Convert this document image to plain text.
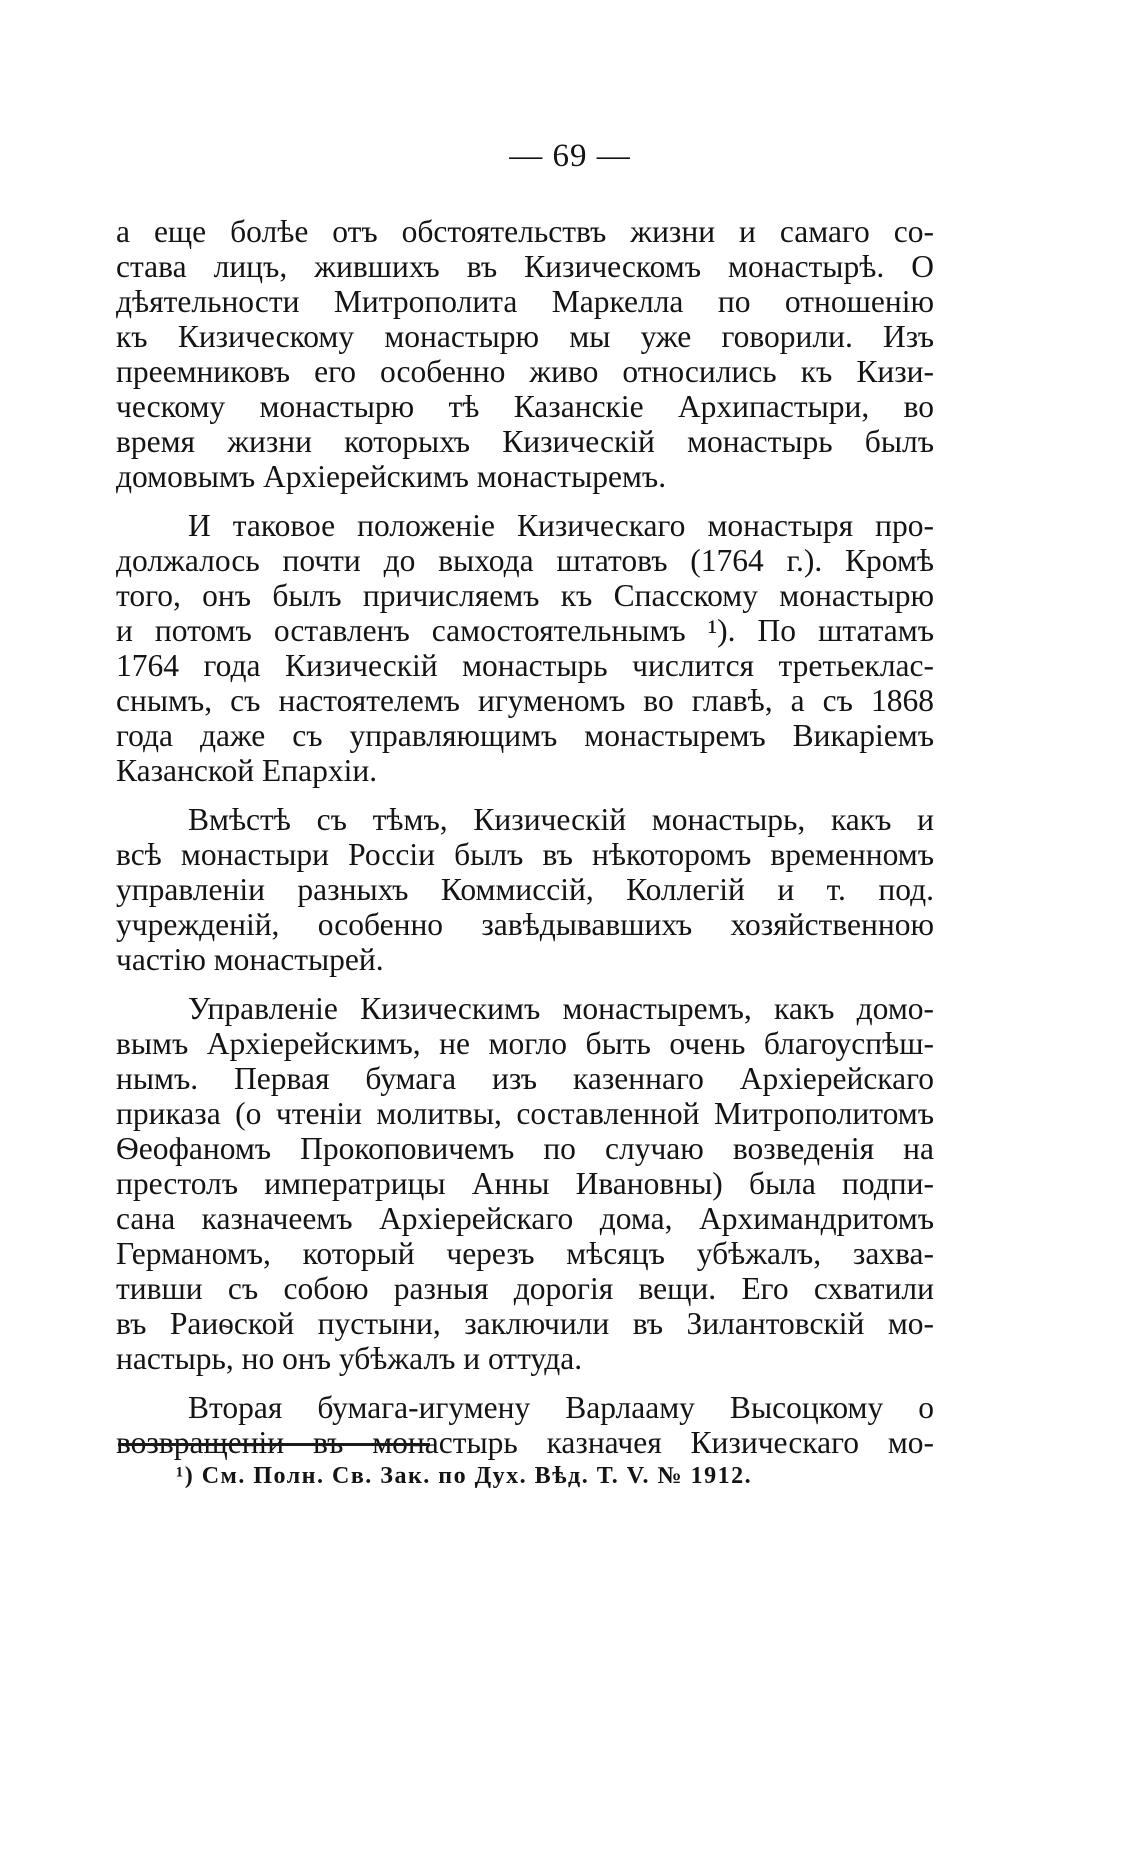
— 69 —

а еще болѣе отъ обстоятельствъ жизни и самаго со-
става лицъ, жившихъ въ Кизическомъ монастырѣ. О
дѣятельности Митрополита Маркелла по отношенію
къ Кизическому монастырю мы уже говорили. Изъ
преемниковъ его особенно живо относились къ Кизи-
ческому монастырю тѣ Казанскіе Архипастыри, во
время жизни которыхъ Кизическій монастырь былъ
домовымъ Архіерейскимъ монастыремъ.

И таковое положеніе Кизическаго монастыря про-
должалось почти до выхода штатовъ (1764 г.). Кромѣ
того, онъ былъ причисляемъ къ Спасскому монастырю
и потомъ оставленъ самостоятельнымъ ¹). По штатамъ
1764 года Кизическій монастырь числится третьеклас-
снымъ, съ настоятелемъ игуменомъ во главѣ, а съ 1868
года даже съ управляющимъ монастыремъ Викаріемъ
Казанской Епархіи.

Вмѣстѣ съ тѣмъ, Кизическій монастырь, какъ и
всѣ монастыри Россіи былъ въ нѣкоторомъ временномъ
управленіи разныхъ Коммиссій, Коллегій и т. под.
учрежденій, особенно завѣдывавшихъ хозяйственною
частію монастырей.

Управленіе Кизическимъ монастыремъ, какъ домо-
вымъ Архіерейскимъ, не могло быть очень благоуспѣш-
нымъ. Первая бумага изъ казеннаго Архіерейскаго
приказа (о чтеніи молитвы, составленной Митрополитомъ
Ѳеофаномъ Прокоповичемъ по случаю возведенія на
престолъ императрицы Анны Ивановны) была подпи-
сана казначеемъ Архіерейскаго дома, Архимандритомъ
Германомъ, который черезъ мѣсяцъ убѣжалъ, захва-
тивши съ собою разныя дорогія вещи. Его схватили
въ Раиѳской пустыни, заключили въ Зилантовскій мо-
настырь, но онъ убѣжалъ и оттуда.

Вторая бумага-игумену Варлааму Высоцкому о
возвращеніи въ монастырь казначея Кизическаго мо-

¹) См. Полн. Св. Зак. по Дух. Вѣд. Т. V. № 1912.
